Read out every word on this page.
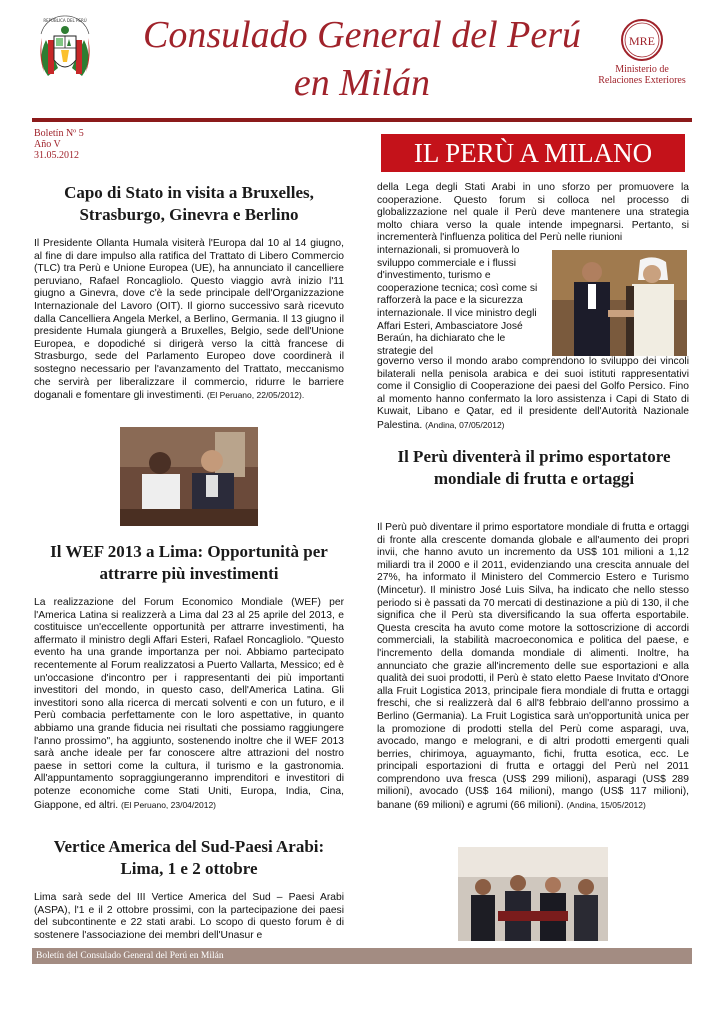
REPÚBLICA DEL PERÚ	Consulado General del Perú
en Milán
MRE
Ministerio de
Relaciones Exteriores
Boletín Nº 5
Año V
31.05.2012	IL PERÙ A MILANO
Capo di Stato in visita a Bruxelles, Strasburgo, Ginevra e Berlino

Il Presidente Ollanta Humala visiterà l'Europa dal 10 al 14 giugno, al fine di dare impulso alla ratifica del Trattato di Libero Commercio (TLC) tra Perù e Unione Europea (UE), ha annunciato il cancelliere peruviano, Rafael Roncagliolo. Questo viaggio avrà inizio l'11 giugno a Ginevra, dove c'è la sede principale dell'Organizzazione Internazionale del Lavoro (OIT). Il giorno successivo sarà ricevuto dalla Cancelliera Angela Merkel, a Berlino, Germania. Il 13 giugno il presidente Humala giungerà a Bruxelles, Belgio, sede dell'Unione Europea, e dopodiché si dirigerà verso la città francese di Strasburgo, sede del Parlamento Europeo dove coordinerà il sostegno necessario per l'avanzamento del Trattato, meccanismo che servirà per liberalizzare il commercio, ridurre le barriere doganali e fomentare gli investimenti. (El Peruano, 22/05/2012).

Il WEF 2013 a Lima: Opportunità per attrarre più investimenti

La realizzazione del Forum Economico Mondiale (WEF) per l'America Latina si realizzerà a Lima dal 23 al 25 aprile del 2013, e costituisce un'eccellente opportunità per attrarre investimenti, ha affermato il ministro degli Affari Esteri, Rafael Roncagliolo. "Questo evento ha una grande importanza per noi. Abbiamo partecipato recentemente al Forum realizzatosi a Puerto Vallarta, Messico; ed è un'occasione d'incontro per i rappresentanti dei più importanti investitori del mondo, in questo caso, dell'America Latina. Gli investitori sono alla ricerca di mercati solventi e con un futuro, e il Perù combacia perfettamente con le loro aspettative, in quanto abbiamo una grande fiducia nei risultati che possiamo raggiungere l'anno prossimo", ha aggiunto, sostenendo inoltre che il WEF 2013 sarà anche ideale per far conoscere altre attrazioni del nostro paese in settori come la cultura, il turismo e la gastronomia. All'appuntamento sopraggiungeranno imprenditori e investitori di potenze economiche come Stati Uniti, Europa, India, Cina, Giappone, ed altri. (El Peruano, 23/04/2012)

Vertice America del Sud-Paesi Arabi: Lima, 1 e 2 ottobre

Lima sarà sede del III Vertice America del Sud – Paesi Arabi (ASPA), l'1 e il 2 ottobre prossimi, con la partecipazione dei paesi del subcontinente e 22 stati arabi. Lo scopo di questo forum è di sostenere l'associazione dei membri dell'Unasur e

della Lega degli Stati Arabi in uno sforzo per promuovere la cooperazione. Questo forum si colloca nel processo di globalizzazione nel quale il Perù deve mantenere una strategia molto chiara verso la quale intende impegnarsi. Pertanto, si incrementerà l'influenza politica del Perù nelle riunioni

internazionali, si promuoverà lo sviluppo commerciale e i flussi d'investimento, turismo e cooperazione tecnica; così come si rafforzerà la pace e la sicurezza internazionale. Il vice ministro degli Affari Esteri, Ambasciatore José Beraún, ha dichiarato che le strategie del

governo verso il mondo arabo comprendono lo sviluppo dei vincoli bilaterali nella penisola arabica e dei suoi istituti rappresentativi come il Consiglio di Cooperazione dei paesi del Golfo Persico. Fino al momento hanno confermato la loro assistenza i Capi di Stato di Kuwait, Libano e Qatar, ed il presidente dell'Autorità Nazionale Palestina. (Andina, 07/05/2012)

Il Perù diventerà il primo esportatore mondiale di frutta e ortaggi

Il Perù può diventare il primo esportatore mondiale di frutta e ortaggi di fronte alla crescente domanda globale e all'aumento dei propri invii, che hanno avuto un incremento da US$ 101 milioni a 1,12 miliardi tra il 2000 e il 2011, evidenziando una crescita annuale del 27%, ha informato il Ministero del Commercio Estero e Turismo (Mincetur). Il ministro José Luis Silva, ha indicato che nello stesso periodo si è passati da 70 mercati di destinazione a più di 130, il che significa che il Perù sta diversificando la sua offerta esportabile. Questa crescita ha avuto come motore la sottoscrizione di accordi commerciali, la stabilità macroeconomica e politica del paese, e l'incremento della domanda mondiale di alimenti. Inoltre, ha annunciato che grazie all'incremento delle sue esportazioni e alla qualità dei suoi prodotti, il Perù è stato eletto Paese Invitato d'Onore alla Fruit Logistica 2013, principale fiera mondiale di frutta e ortaggi freschi, che si realizzerà dal 6 all'8 febbraio dell'anno prossimo a Berlino (Germania). La Fruit Logistica sarà un'opportunità unica per la promozione di prodotti stella del Perù come asparagi, uva, avocado, mango e melograni, e di altri prodotti emergenti quali berries, chirimoya, aguaymanto, fichi, frutta esotica, ecc. Le principali esportazioni di frutta e ortaggi del Perù nel 2011 comprendono uva fresca (US$ 299 milioni), asparagi (US$ 289 milioni), avocado (US$ 164 milioni), mango (US$ 117 milioni), banane (69 milioni) e agrumi (66 milioni). (Andina, 15/05/2012)

Boletín del Consulado General del Perú en Milán
